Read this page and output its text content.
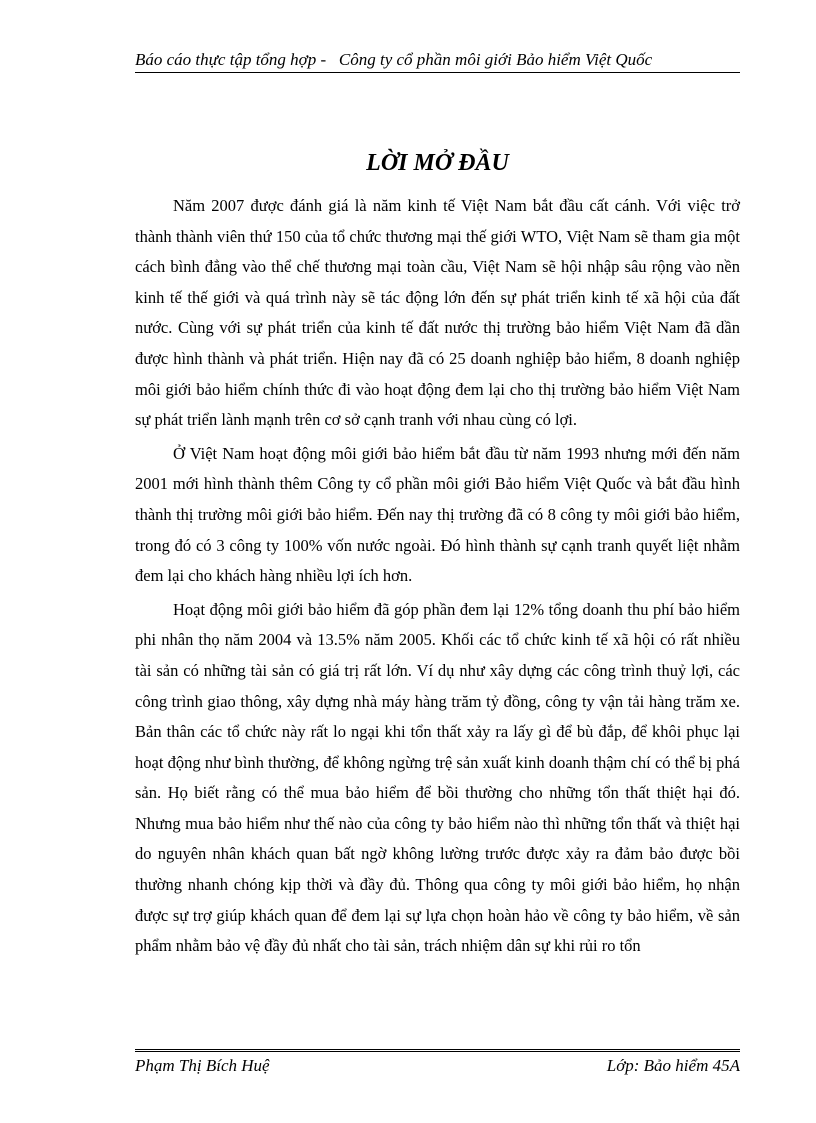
Báo cáo thực tập tổng hợp - Công ty cổ phần môi giới Bảo hiểm Việt Quốc
LỜI MỞ ĐẦU

Năm 2007 được đánh giá là năm kinh tế Việt Nam bắt đầu cất cánh. Với việc trở thành thành viên thứ 150 của tổ chức thương mại thế giới WTO, Việt Nam sẽ tham gia một cách bình đẳng vào thể chế thương mại toàn cầu, Việt Nam sẽ hội nhập sâu rộng vào nền kinh tế thế giới và quá trình này sẽ tác động lớn đến sự phát triển kinh tế xã hội của đất nước. Cùng với sự phát triển của kinh tế đất nước thị trường bảo hiểm Việt Nam đã dần được hình thành và phát triển. Hiện nay đã có 25 doanh nghiệp bảo hiểm, 8 doanh nghiệp môi giới bảo hiểm chính thức đi vào hoạt động đem lại cho thị trường bảo hiểm Việt Nam sự phát triển lành mạnh trên cơ sở cạnh tranh với nhau cùng có lợi.

Ở Việt Nam hoạt động môi giới bảo hiểm bắt đầu từ năm 1993 nhưng mới đến năm 2001 mới hình thành thêm Công ty cổ phần môi giới Bảo hiểm Việt Quốc và bắt đầu hình thành thị trường môi giới bảo hiểm. Đến nay thị trường đã có 8 công ty môi giới bảo hiểm, trong đó có 3 công ty 100% vốn nước ngoài. Đó hình thành sự cạnh tranh quyết liệt nhằm đem lại cho khách hàng nhiều lợi ích hơn.

Hoạt động môi giới bảo hiểm đã góp phần đem lại 12% tổng doanh thu phí bảo hiểm phi nhân thọ năm 2004 và 13.5% năm 2005. Khối các tổ chức kinh tế xã hội có rất nhiều tài sản có những tài sản có giá trị rất lớn. Ví dụ như xây dựng các công trình thuỷ lợi, các công trình giao thông, xây dựng nhà máy hàng trăm tỷ đồng, công ty vận tải hàng trăm xe. Bản thân các tổ chức này rất lo ngại khi tổn thất xảy ra lấy gì để bù đắp, để khôi phục lại hoạt động như bình thường, để không ngừng trệ sản xuất kinh doanh thậm chí có thể bị phá sản. Họ biết rằng có thể mua bảo hiểm để bồi thường cho những tổn thất thiệt hại đó. Nhưng mua bảo hiểm như thế nào của công ty bảo hiểm nào thì những tổn thất và thiệt hại do nguyên nhân khách quan bất ngờ không lường trước được xảy ra đảm bảo được bồi thường nhanh chóng kịp thời và đầy đủ. Thông qua công ty môi giới bảo hiểm, họ nhận được sự trợ giúp khách quan để đem lại sự lựa chọn hoàn hảo về công ty bảo hiểm, về sản phẩm nhằm bảo vệ đầy đủ nhất cho tài sản, trách nhiệm dân sự khi rủi ro tổn

Phạm Thị Bích Huệ	Lớp: Bảo hiểm 45A
